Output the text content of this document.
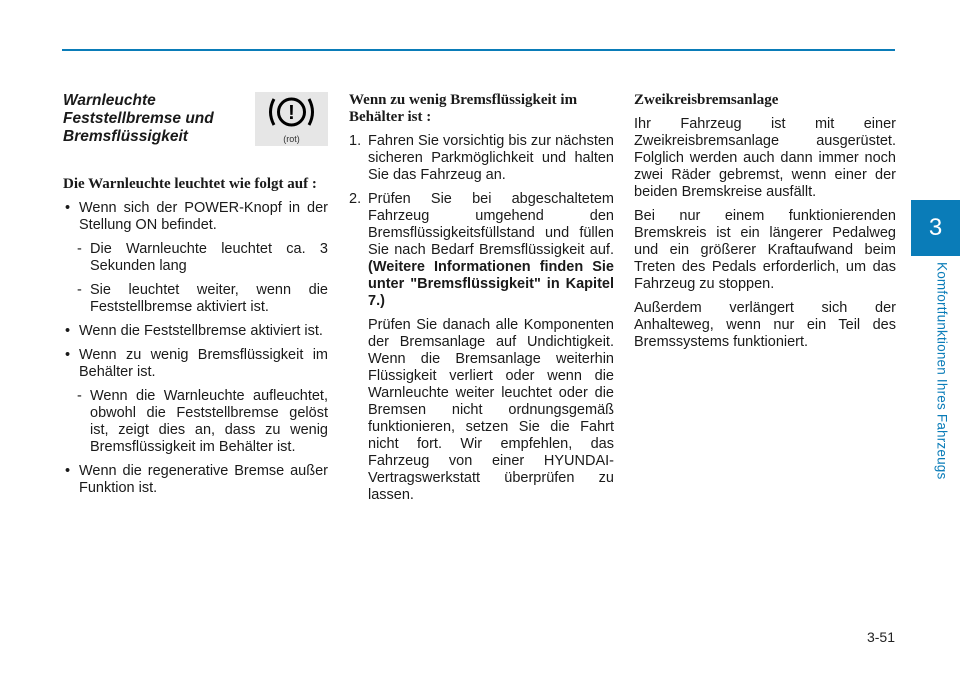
3
Komfortfunktionen Ihres Fahrzeugs
Warnleuchte Feststellbremse und Bremsflüssigkeit
!
(rot)
Die Warnleuchte leuchtet wie folgt auf :
• Wenn sich der POWER-Knopf in der Stellung ON befindet.
- Die Warnleuchte leuchtet ca. 3 Sekunden lang
- Sie leuchtet weiter, wenn die Feststellbremse aktiviert ist.
• Wenn die Feststellbremse aktiviert ist.
• Wenn zu wenig Bremsflüssigkeit im Behälter ist.
- Wenn die Warnleuchte aufleuchtet, obwohl die Feststellbremse gelöst ist, zeigt dies an, dass zu wenig Bremsflüssigkeit im Behälter ist.
• Wenn die regenerative Bremse außer Funktion ist.
Wenn zu wenig Bremsflüssigkeit im Behälter ist :
1. Fahren Sie vorsichtig bis zur nächsten sicheren Parkmöglichkeit und halten Sie das Fahrzeug an.
2. Prüfen Sie bei abgeschaltetem Fahrzeug umgehend den Bremsflüssigkeitsfüllstand und füllen Sie nach Bedarf Bremsflüssigkeit auf. (Weitere Informationen finden Sie unter "Bremsflüssigkeit" in Kapitel 7.)
Prüfen Sie danach alle Komponenten der Bremsanlage auf Undichtigkeit. Wenn die Bremsanlage weiterhin Flüssigkeit verliert oder wenn die Warnleuchte weiter leuchtet oder die Bremsen nicht ordnungsgemäß funktionieren, setzen Sie die Fahrt nicht fort. Wir empfehlen, das Fahrzeug von einer HYUNDAI-Vertragswerkstatt überprüfen zu lassen.
Zweikreisbremsanlage

Ihr Fahrzeug ist mit einer Zweikreisbremsanlage ausgerüstet. Folglich werden auch dann immer noch zwei Räder gebremst, wenn einer der beiden Bremskreise ausfällt.

Bei nur einem funktionierenden Bremskreis ist ein längerer Pedalweg und ein größerer Kraftaufwand beim Treten des Pedals erforderlich, um das Fahrzeug zu stoppen.

Außerdem verlängert sich der Anhalteweg, wenn nur ein Teil des Bremssystems funktioniert.

3-51
